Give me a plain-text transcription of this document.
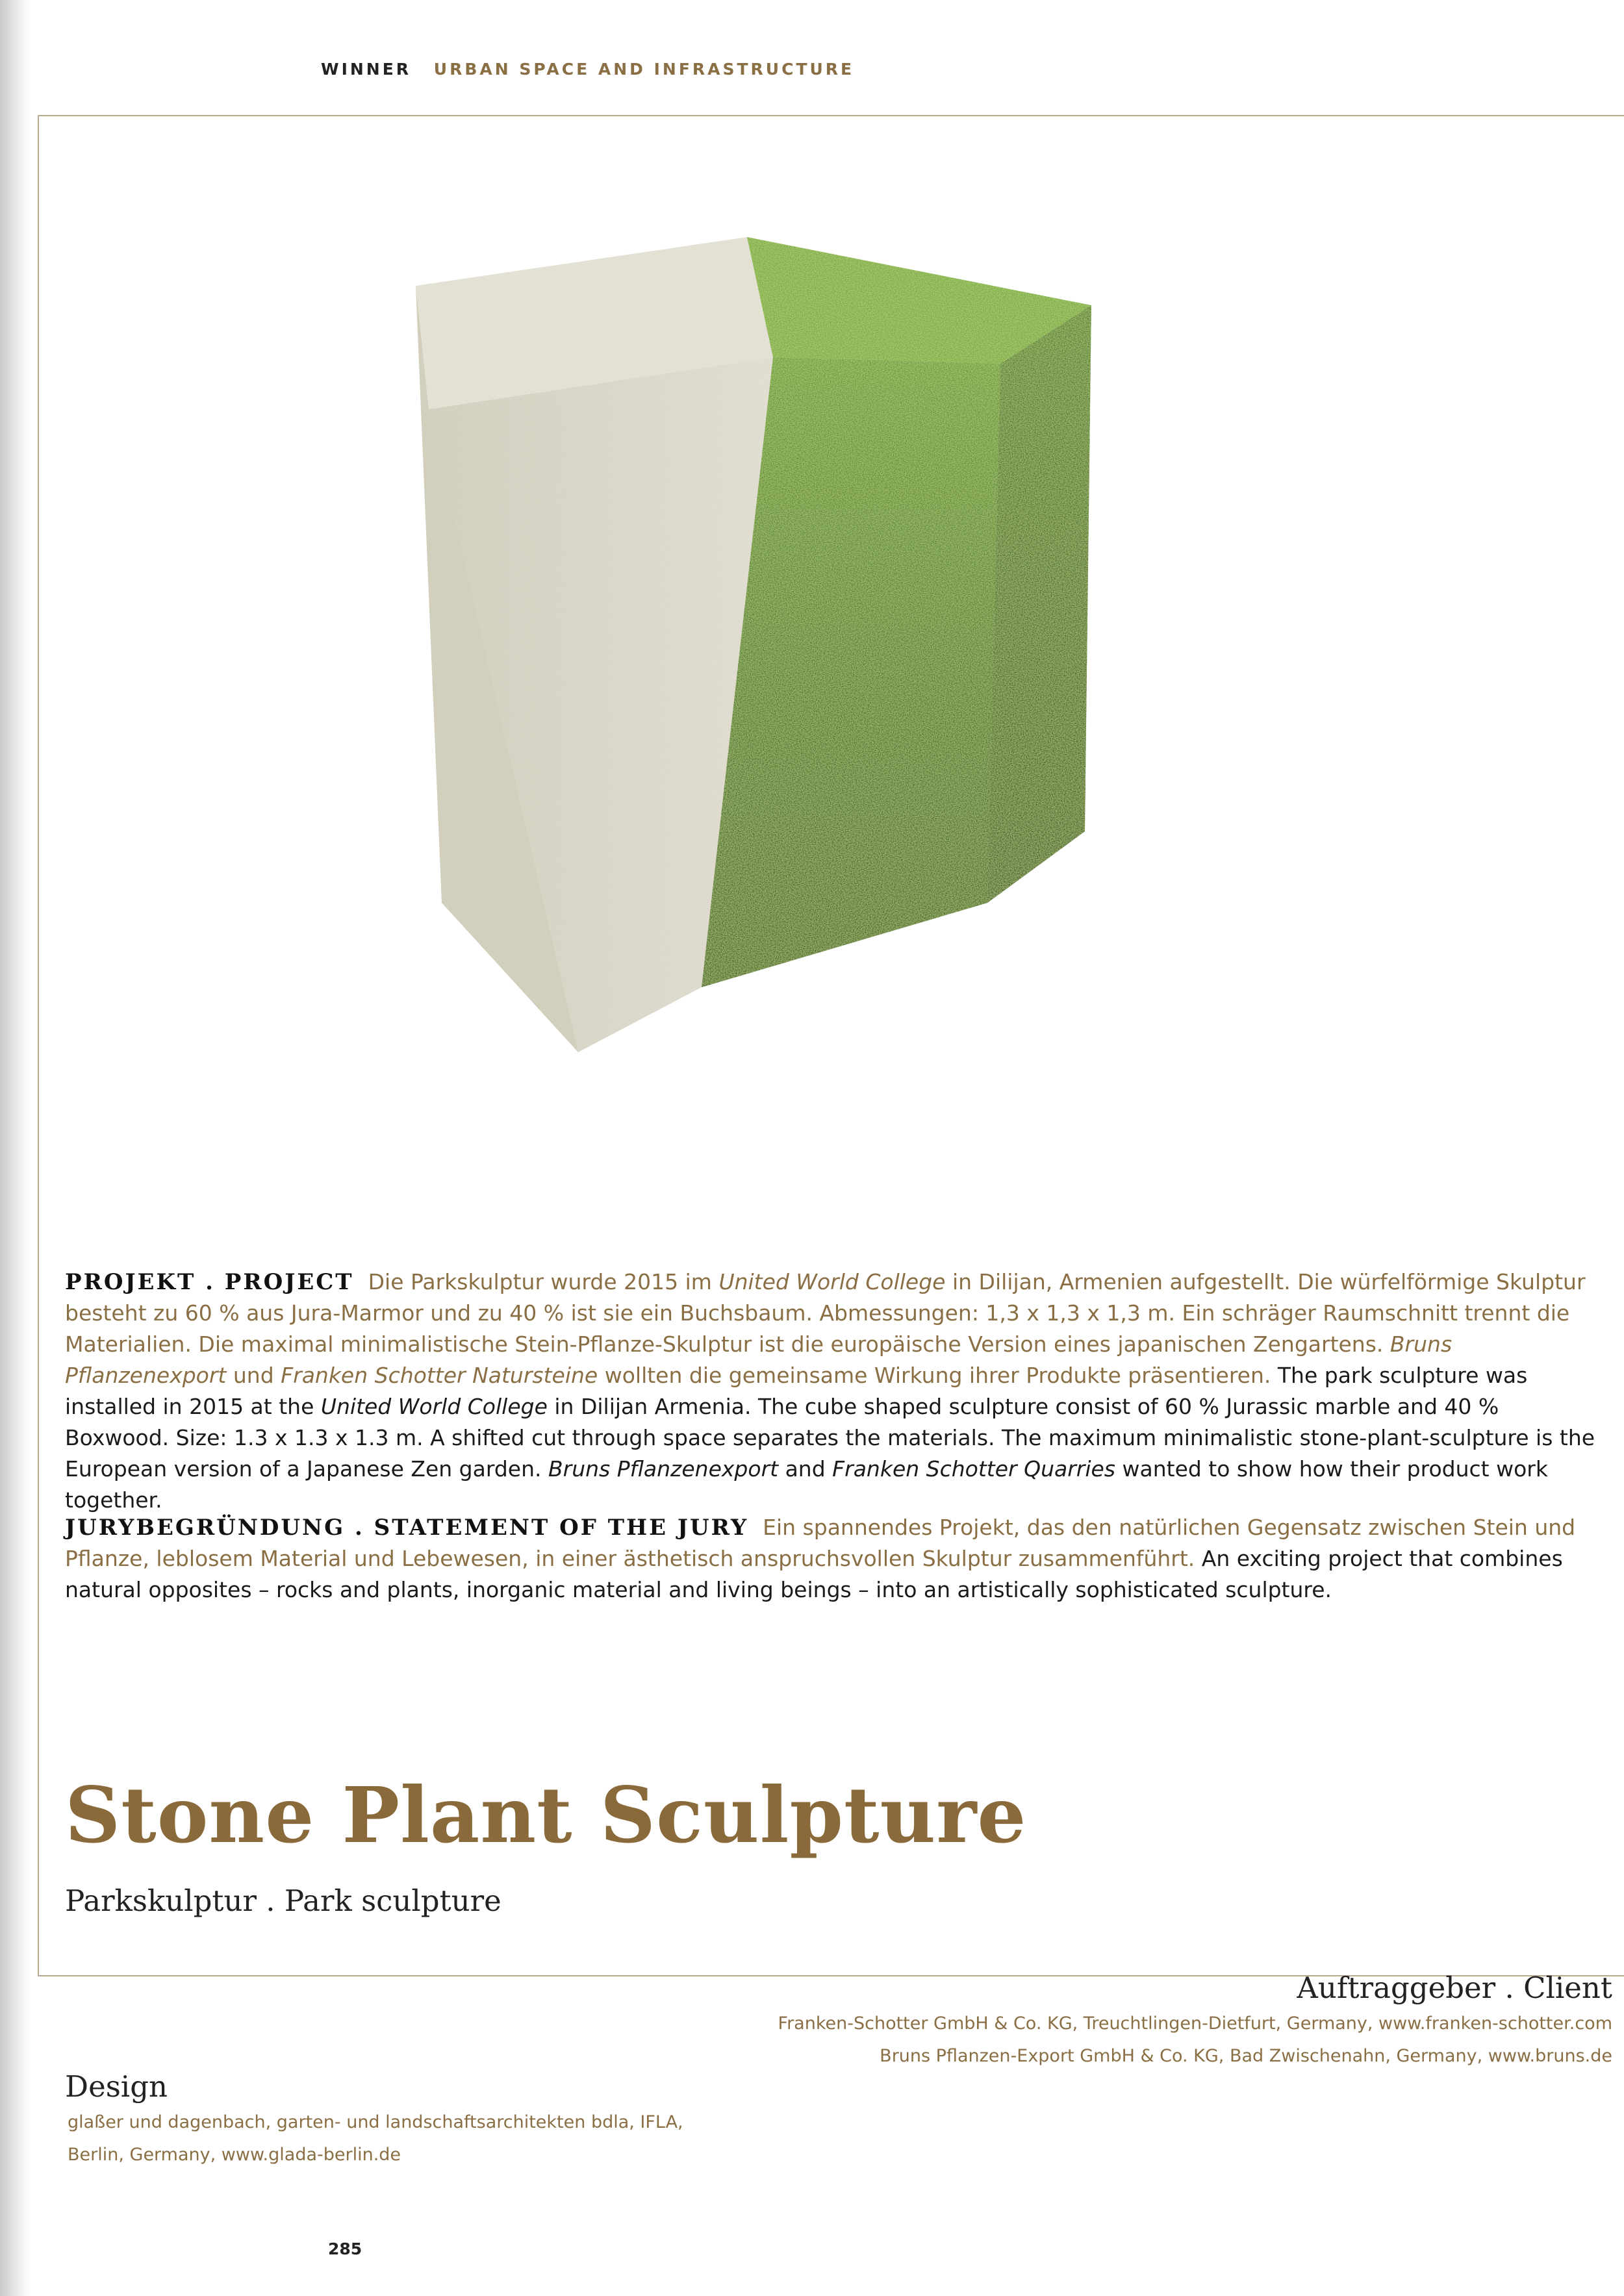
WINNER URBAN SPACE AND INFRASTRUCTURE
PROJEKT . PROJECT Die Parkskulptur wurde 2015 im United World College in Dilijan, Armenien aufgestellt. Die würfelförmige Skulptur besteht zu 60 % aus Jura-Marmor und zu 40 % ist sie ein Buchsbaum. Abmessungen: 1,3 x 1,3 x 1,3 m. Ein schräger Raumschnitt trennt die Materialien. Die maximal minimalistische Stein-Pflanze-Skulptur ist die europäische Version eines japanischen Zengartens. Bruns Pflanzenexport und Franken Schotter Natursteine wollten die gemeinsame Wirkung ihrer Produkte präsentieren. The park sculpture was installed in 2015 at the United World College in Dilijan Armenia. The cube shaped sculpture consist of 60 % Jurassic marble and 40 % Boxwood. Size: 1.3 x 1.3 x 1.3 m. A shifted cut through space separates the materials. The maximum minimalistic stone-plant-sculpture is the European version of a Japanese Zen garden. Bruns Pflanzenexport and Franken Schotter Quarries wanted to show how their product work together.
JURYBEGRÜNDUNG . STATEMENT OF THE JURY Ein spannendes Projekt, das den natürlichen Gegensatz zwischen Stein und Pflanze, leblosem Material und Lebewesen, in einer ästhetisch anspruchsvollen Skulptur zusammenführt. An exciting project that combines natural opposites – rocks and plants, inorganic material and living beings – into an artistically sophisticated sculpture.
Stone Plant Sculpture
Parkskulptur . Park sculpture
Auftraggeber . Client
Franken-Schotter GmbH & Co. KG, Treuchtlingen-Dietfurt, Germany, www.franken-schotter.com
Bruns Pflanzen-Export GmbH & Co. KG, Bad Zwischenahn, Germany, www.bruns.de
Design
glaßer und dagenbach, garten- und landschaftsarchitekten bdla, IFLA,
Berlin, Germany, www.glada-berlin.de
285
